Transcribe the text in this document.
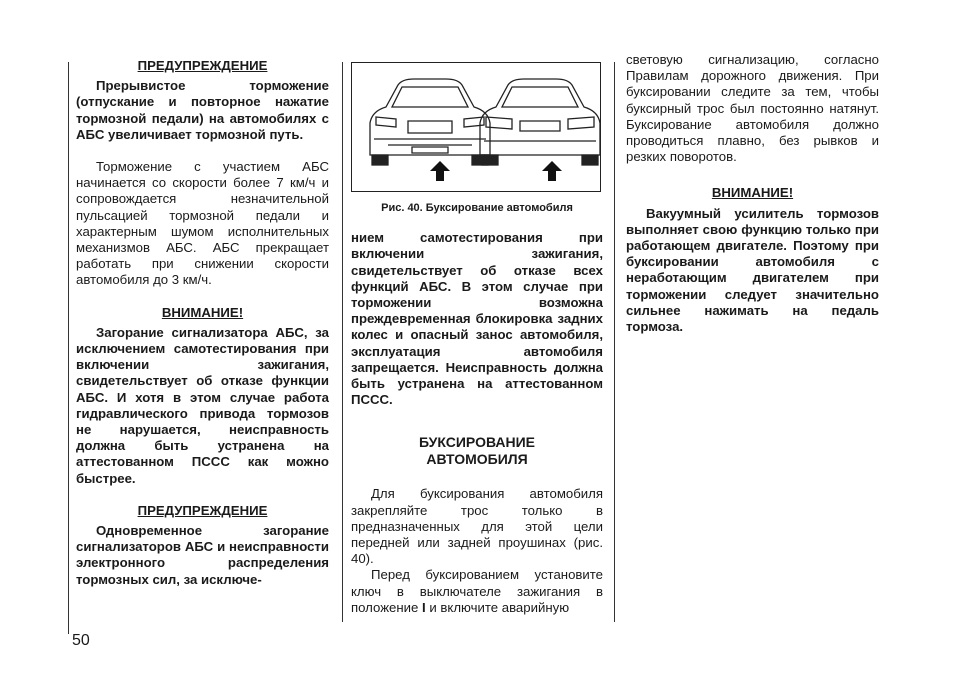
ПРЕДУПРЕЖДЕНИЕ

Прерывистое торможение (отпускание и повторное нажатие тормозной педали) на автомобилях с АБС увеличивает тормозной путь.

Торможение с участием АБС начинается со скорости более 7 км/ч и сопровождается незначительной пульсацией тормозной педали и характерным шумом исполнительных механизмов АБС. АБС прекращает работать при снижении скорости автомобиля до 3 км/ч.

ВНИМАНИЕ!

Загорание сигнализатора АБС, за исключением самотестирования при включении зажигания, свидетельствует об отказе функции АБС. И хотя в этом случае работа гидравлического привода тормозов не нарушается, неисправность должна быть устранена на аттестованном ПСCC как можно быстрее.

ПРЕДУПРЕЖДЕНИЕ

Одновременное загорание сигнализаторов АБС и неисправности электронного распределения тормозных сил, за исключе-

Рис. 40. Буксирование автомобиля

нием самотестирования при включении зажигания, свидетельствует об отказе всех функций АБС. В этом случае при торможении возможна преждевременная блокировка задних колес и опасный занос автомобиля, эксплуатация автомобиля запрещается. Неисправность должна быть устранена на аттестованном ПСCC.

БУКСИРОВАНИЕ

АВТОМОБИЛЯ

Для буксирования автомобиля закрепляйте трос только в предназначенных для этой цели передней или задней проушинах (рис. 40).

Перед буксированием установите ключ в выключателе зажигания в положение I и включите аварийную

световую сигнализацию, согласно Правилам дорожного движения. При буксировании следите за тем, чтобы буксирный трос был постоянно натянут. Буксирование автомобиля должно проводиться плавно, без рывков и резких поворотов.

ВНИМАНИЕ!

Вакуумный усилитель тормозов выполняет свою функцию только при работающем двигателе. Поэтому при буксировании автомобиля с неработающим двигателем при торможении следует значительно сильнее нажимать на педаль тормоза.

50
